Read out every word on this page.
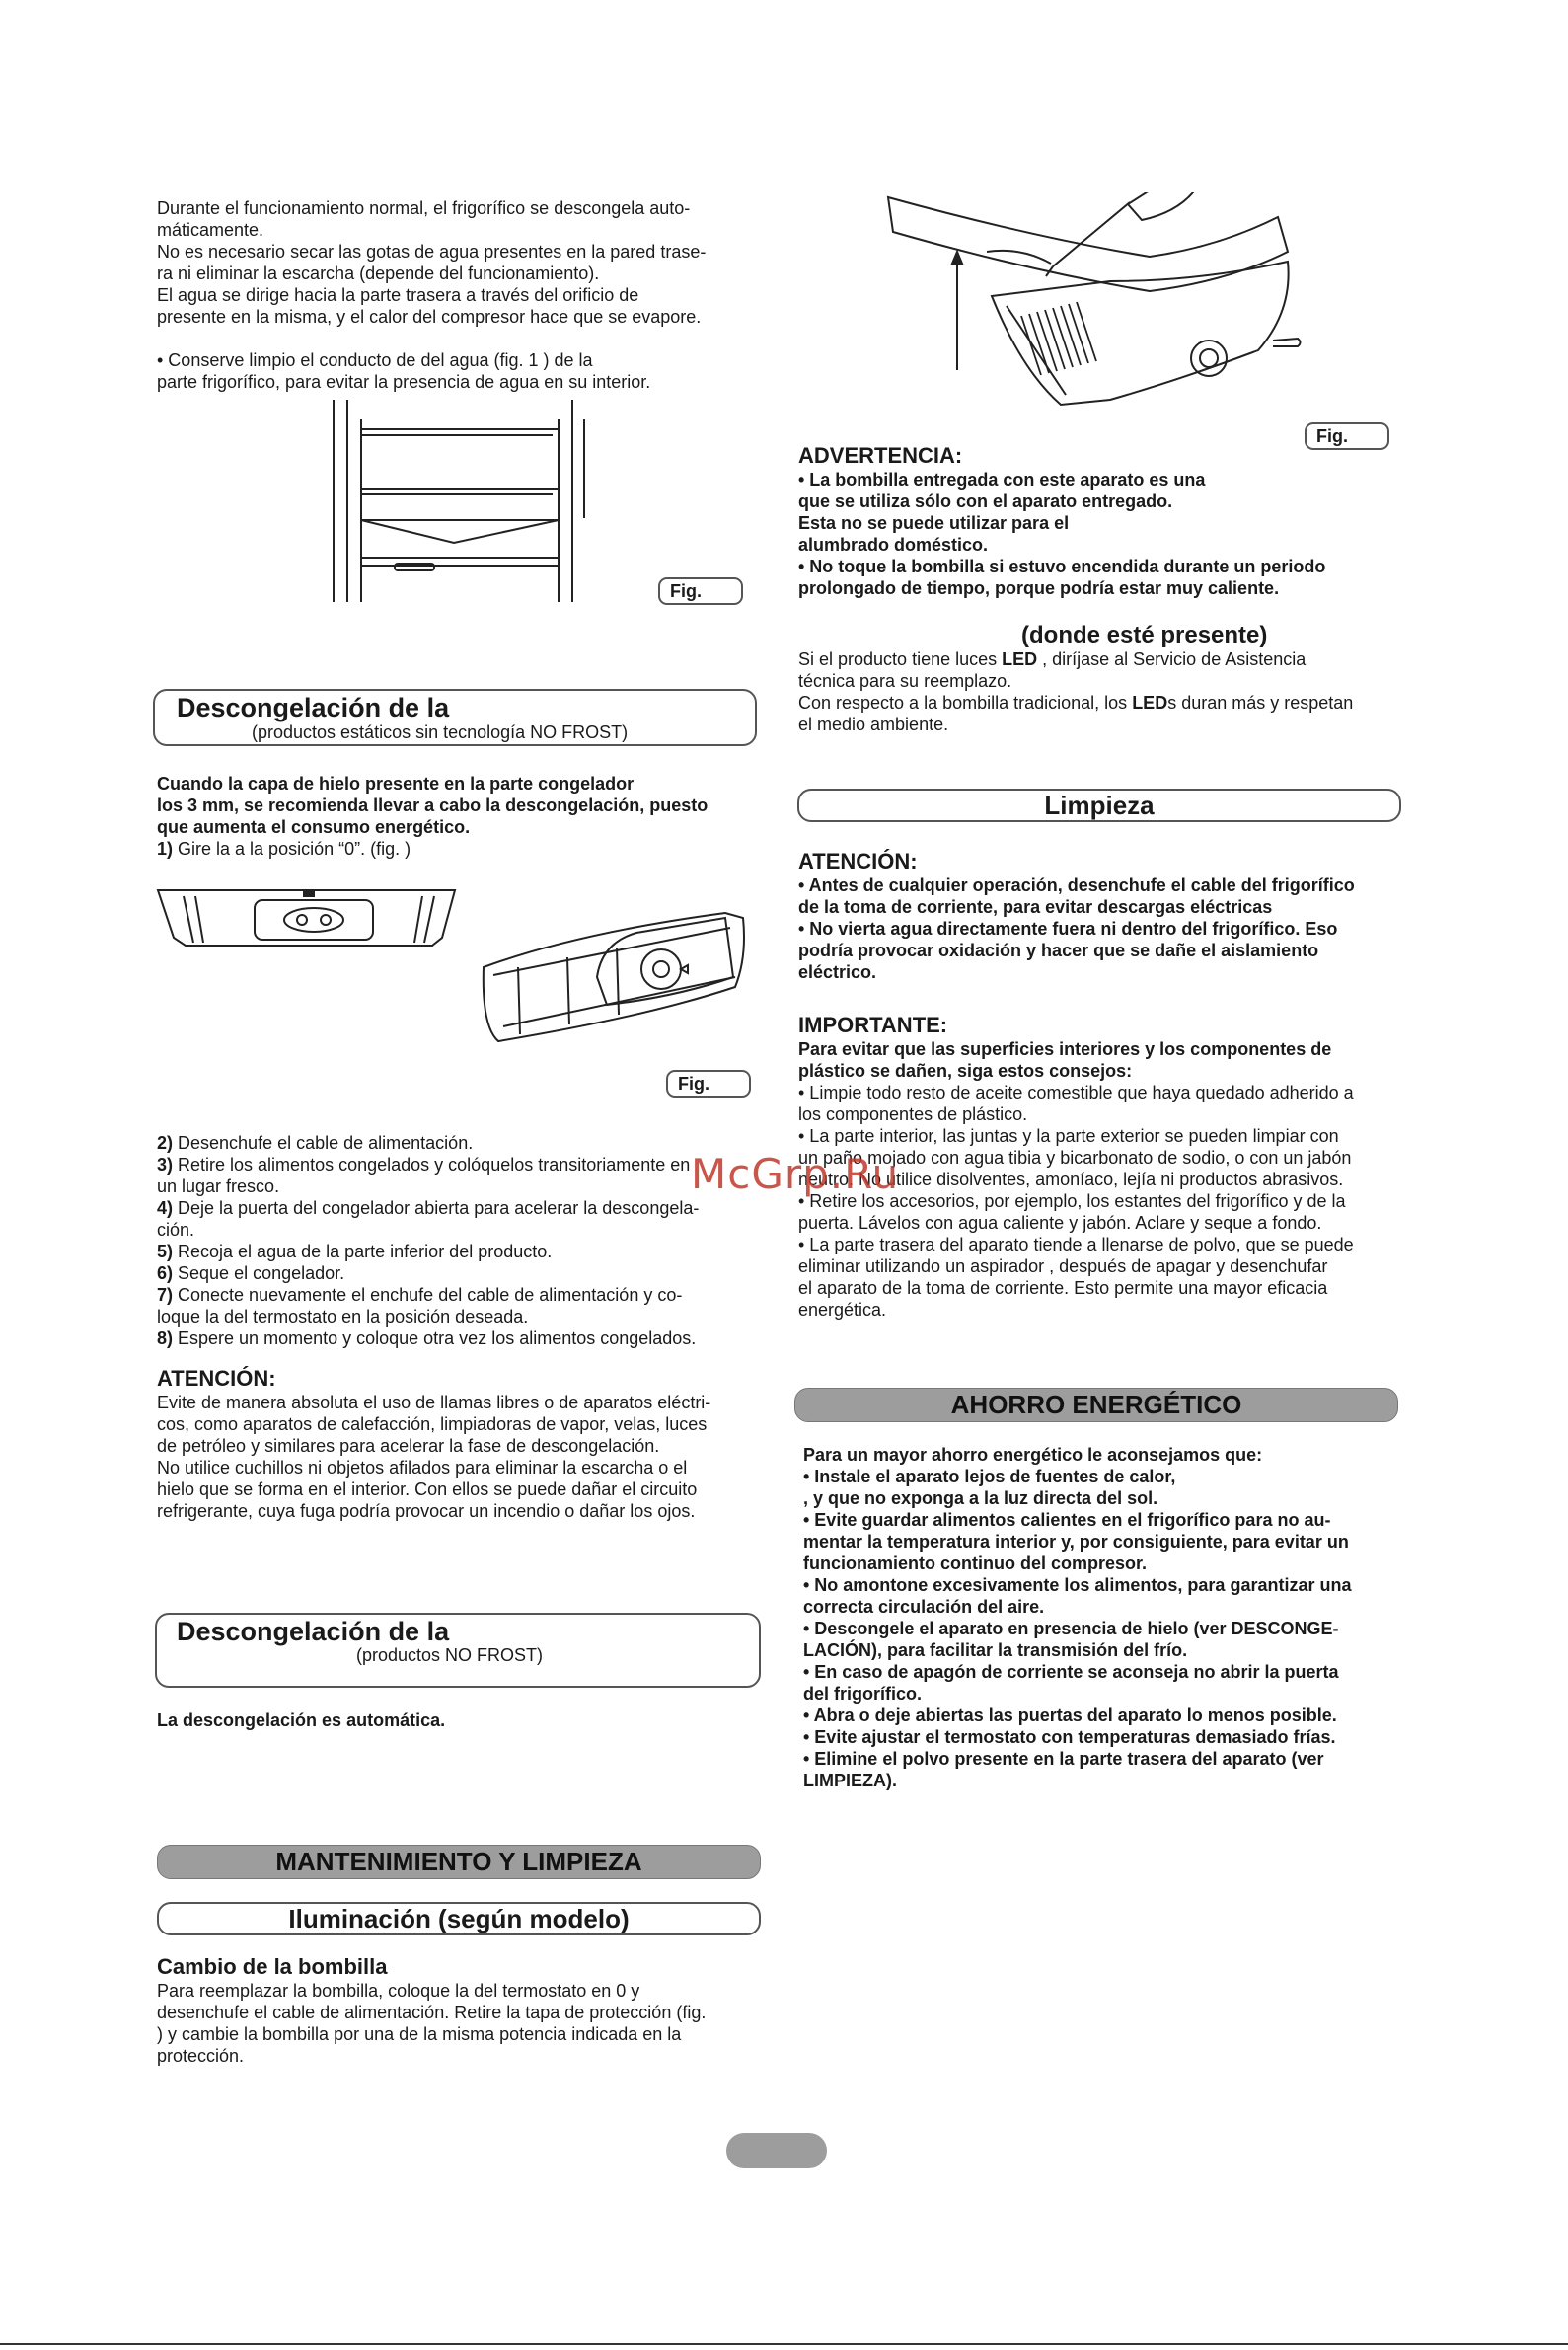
Durante el funcionamiento normal, el frigorífico se descongela auto-
máticamente.
No es necesario secar las gotas de agua presentes en la pared trase-
ra ni eliminar la escarcha (depende del funcionamiento).
El agua se dirige hacia la parte trasera a través del orificio de
presente en la misma, y el calor del compresor hace que se evapore.

• Conserve limpio el conducto de del agua (fig. 1 ) de la
parte frigorífico, para evitar la presencia de agua en su interior.

Fig.
Descongelación de la
(productos estáticos sin tecnología NO FROST)

Cuando la capa de hielo presente en la parte congelador
los 3 mm, se recomienda llevar a cabo la descongelación, puesto
que aumenta el consumo energético.

1) Gire la a la posición “0”. (fig. )

Fig.

2) Desenchufe el cable de alimentación.

3) Retire los alimentos congelados y colóquelos transitoriamente en
un lugar fresco.

4) Deje la puerta del congelador abierta para acelerar la descongela-
ción.

5) Recoja el agua de la parte inferior del producto.

6) Seque el congelador.

7) Conecte nuevamente el enchufe del cable de alimentación y co-
loque la del termostato en la posición deseada.

8) Espere un momento y coloque otra vez los alimentos congelados.

ATENCIÓN:

Evite de manera absoluta el uso de llamas libres o de aparatos eléctri-
cos, como aparatos de calefacción, limpiadoras de vapor, velas, luces
de petróleo y similares para acelerar la fase de descongelación.
No utilice cuchillos ni objetos afilados para eliminar la escarcha o el
hielo que se forma en el interior. Con ellos se puede dañar el circuito
refrigerante, cuya fuga podría provocar un incendio o dañar los ojos.

Descongelación de la
(productos NO FROST)
La descongelación es automática.
MANTENIMIENTO Y LIMPIEZA
Iluminación (según modelo)

Cambio de la bombilla

Para reemplazar la bombilla, coloque la del termostato en 0 y
desenchufe el cable de alimentación. Retire la tapa de protección (fig.
) y cambie la bombilla por una de la misma potencia indicada en la
protección.

Fig.

ADVERTENCIA:

• La bombilla entregada con este aparato es una
que se utiliza sólo con el aparato entregado.
Esta no se puede utilizar para el
alumbrado doméstico.
• No toque la bombilla si estuvo encendida durante un periodo
prolongado de tiempo, porque podría estar muy caliente.

(donde esté presente)

Si el producto tiene luces LED , diríjase al Servicio de Asistencia
técnica para su reemplazo.
Con respecto a la bombilla tradicional, los LEDs duran más y respetan
el medio ambiente.

Limpieza

ATENCIÓN:

• Antes de cualquier operación, desenchufe el cable del frigorífico
de la toma de corriente, para evitar descargas eléctricas
• No vierta agua directamente fuera ni dentro del frigorífico. Eso
podría provocar oxidación y hacer que se dañe el aislamiento
eléctrico.

IMPORTANTE:

Para evitar que las superficies interiores y los componentes de
plástico se dañen, siga estos consejos:

• Limpie todo resto de aceite comestible que haya quedado adherido a
los componentes de plástico.
• La parte interior, las juntas y la parte exterior se pueden limpiar con
un paño mojado con agua tibia y bicarbonato de sodio, o con un jabón
neutro. No utilice disolventes, amoníaco, lejía ni productos abrasivos.
• Retire los accesorios, por ejemplo, los estantes del frigorífico y de la
puerta. Lávelos con agua caliente y jabón. Aclare y seque a fondo.
• La parte trasera del aparato tiende a llenarse de polvo, que se puede
eliminar utilizando un aspirador , después de apagar y desenchufar
el aparato de la toma de corriente. Esto permite una mayor eficacia
energética.

AHORRO ENERGÉTICO
Para un mayor ahorro energético le aconsejamos que:
• Instale el aparato lejos de fuentes de calor,
, y que no exponga a la luz directa del sol.
• Evite guardar alimentos calientes en el frigorífico para no au-
mentar la temperatura interior y, por consiguiente, para evitar un
funcionamiento continuo del compresor.
• No amontone excesivamente los alimentos, para garantizar una
correcta circulación del aire.
• Descongele el aparato en presencia de hielo (ver DESCONGE-
LACIÓN), para facilitar la transmisión del frío.
• En caso de apagón de corriente se aconseja no abrir la puerta
del frigorífico.
• Abra o deje abiertas las puertas del aparato lo menos posible.
• Evite ajustar el termostato con temperaturas demasiado frías.
• Elimine el polvo presente en la parte trasera del aparato (ver
LIMPIEZA).
McGrp.Ru
